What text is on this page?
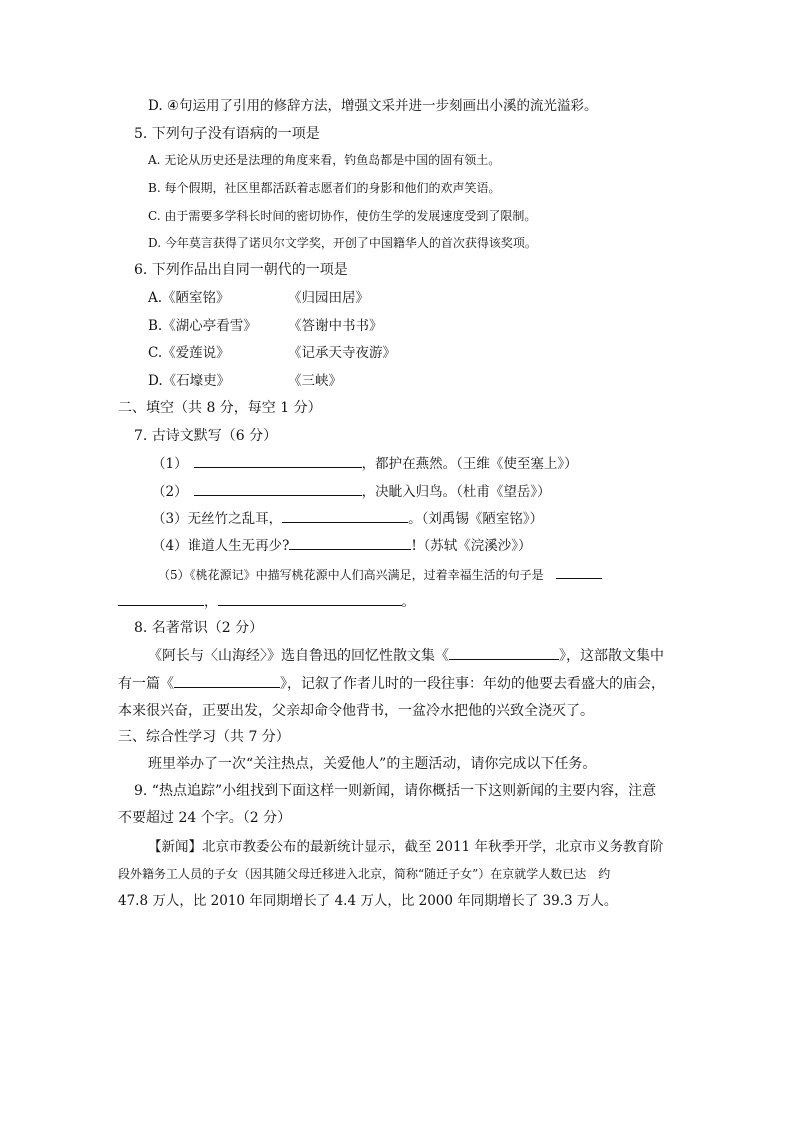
D. ④句运用了引用的修辞方法，增强文采并进一步刻画出小溪的流光溢彩。
5. 下列句子没有语病的一项是
A. 无论从历史还是法理的角度来看，钓鱼岛都是中国的固有领土。
B. 每个假期，社区里都活跃着志愿者们的身影和他们的欢声笑语。
C. 由于需要多学科长时间的密切协作，使仿生学的发展速度受到了限制。
D. 今年莫言获得了诺贝尔文学奖，开创了中国籍华人的首次获得该奖项。
6. 下列作品出自同一朝代的一项是
A.《陋室铭》	《归园田居》
B.《湖心亭看雪》 《答谢中书书》
C.《爱莲说》	《记承天寺夜游》
D.《石壕吏》	《三峡》
二、填空（共 8 分，每空 1 分）
7. 古诗文默写（6 分）
（1）	，都护在燕然。（王维《使至塞上》）
（2）	，决眦入归鸟。（杜甫《望岳》）
（3）无丝竹之乱耳，	。（刘禹锡《陋室铭》）
（4）谁道人生无再少?	!（苏轼《浣溪沙》）
（5）《桃花源记》中描写桃花源中人们高兴满足，过着幸福生活的句子是
，	。
8. 名著常识（2 分）
《阿长与〈山海经〉》选自鲁迅的回忆性散文集《	》，这部散文集中
有一篇《	》，记叙了作者儿时的一段往事：年幼的他要去看盛大的庙会，
本来很兴奋，正要出发，父亲却命令他背书，一盆冷水把他的兴致全浇灭了。
三、综合性学习（共 7 分）
班里举办了一次“关注热点，关爱他人”的主题活动，请你完成以下任务。
9. “热点追踪”小组找到下面这样一则新闻，请你概括一下这则新闻的主要内容，注意
不要超过 24 个字。（2 分）
【新闻】北京市教委公布的最新统计显示，截至 2011 年秋季开学，北京市义务教育阶
段外籍务工人员的子女（因其随父母迁移进入北京，简称“随迁子女”）在京就学人数已达　约
47.8 万人，比 2010 年同期增长了 4.4 万人，比 2000 年同期增长了 39.3 万人。
